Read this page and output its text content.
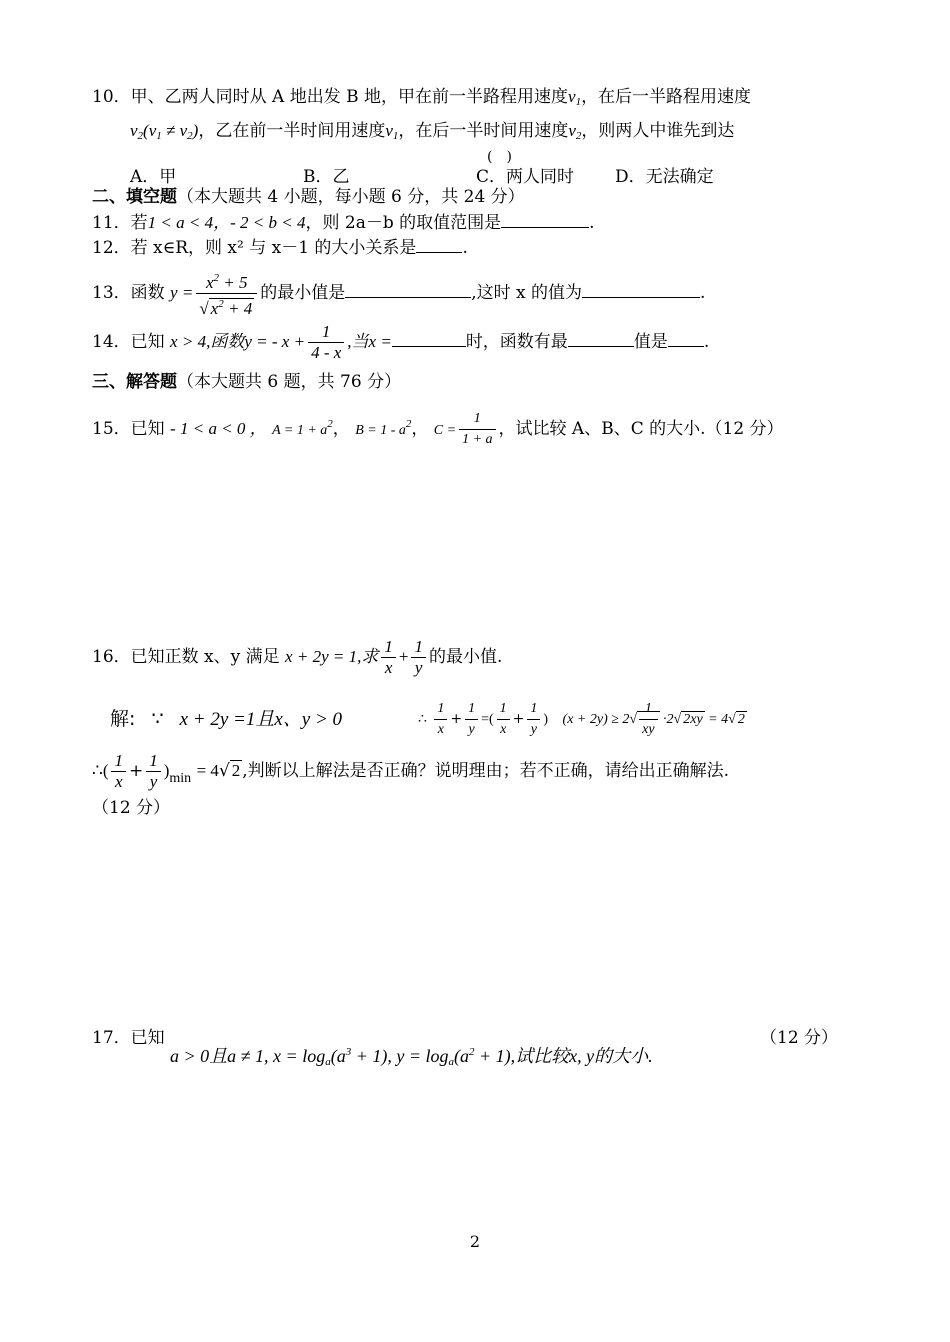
10．甲、乙两人同时从 A 地出发 B 地，甲在前一半路程用速度$v_1$，在后一半路程用速度
$v_2(v_1 \ne v_2)$，乙在前一半时间用速度$v_1$，在后一半时间用速度$v_2$，则两人中谁先到达
(　)
A．甲	B．乙	C．两人同时 D．无法确定
二、填空题（本大题共 4 小题，每小题 6 分，共 24 分）
11．若1 < a < 4，- 2 < b < 4，则 2a－b 的取值范围是	.
12．若 x∈R，则 x² 与 x－1 的大小关系是	.
13．函数 $y = \frac{x^2 + 5}{√ x^2 + 4}$ 的最小值是	,这时 x 的值为	.
14．已知 x > 4,函数y = - $x + \frac{1}{4 - x}$ ,当x =	时，函数有最	值是 .
三、解答题（本大题共 6 题，共 76 分）
15．已知 - 1 < a < 0 ， $A = 1 + a^2$， $B = 1 - a^2$， $C = \frac{1}{1 + a}$ ，试比较 A、B、C 的大小.（12 分）
16．已知正数 x、y 满足 x + 2y = 1,求 $\frac{1}{x} + \frac{1}{y}$ 的最小值.
解: ∵ x + 2y =1且x、y > 0	∴ $\frac{1}{x} + \frac{1}{y}$ =( $\frac{1}{x} + \frac{1}{y}$ ) $(x + 2y) \ge 2√ \frac{1}{xy} \cdot 2√$ 2xy = 4√ 2
∴( $\frac{1}{x} + \frac{1}{y} )_{min} = 4√$ 2 ,判断以上解法是否正确？说明理由；若不正确，请给出正确解法.
（12 分）
17．已知
a > 0且a ≠ 1, $x = \log_a(a^3 + 1)$, $y = \log_a(a^2 + 1)$,试比较x, y的大小.
（12 分）
2
